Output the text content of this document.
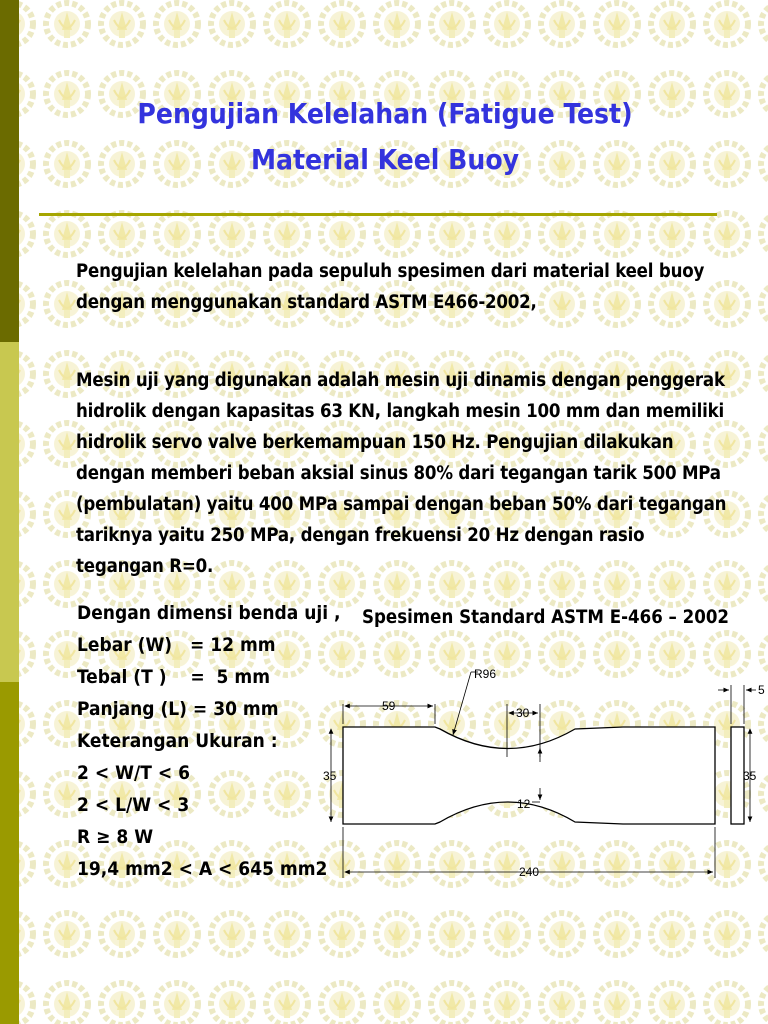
Pengujian Kelelahan (Fatigue Test)
Material Keel Buoy
Pengujian kelelahan pada sepuluh spesimen dari material keel buoy dengan menggunakan standard ASTM E466-2002,
Mesin uji yang digunakan adalah mesin uji dinamis dengan penggerak hidrolik dengan kapasitas 63 KN, langkah mesin 100 mm dan memiliki hidrolik servo valve berkemampuan 150 Hz. Pengujian dilakukan dengan memberi beban aksial sinus 80% dari tegangan tarik 500 MPa (pembulatan) yaitu 400 MPa sampai dengan beban 50% dari tegangan tariknya yaitu 250 MPa, dengan frekuensi 20 Hz dengan rasio tegangan R=0.
Dengan dimensi benda uji ,
Lebar (W)   = 12 mm
Tebal (T )    =  5 mm
Panjang (L) = 30 mm
Keterangan Ukuran :
2 < W/T < 6
2 < L/W < 3
R ≥ 8 W
19,4 mm2 < A < 645 mm2
Spesimen Standard ASTM E-466 – 2002
R96
59	30
5
35	35
12
240
